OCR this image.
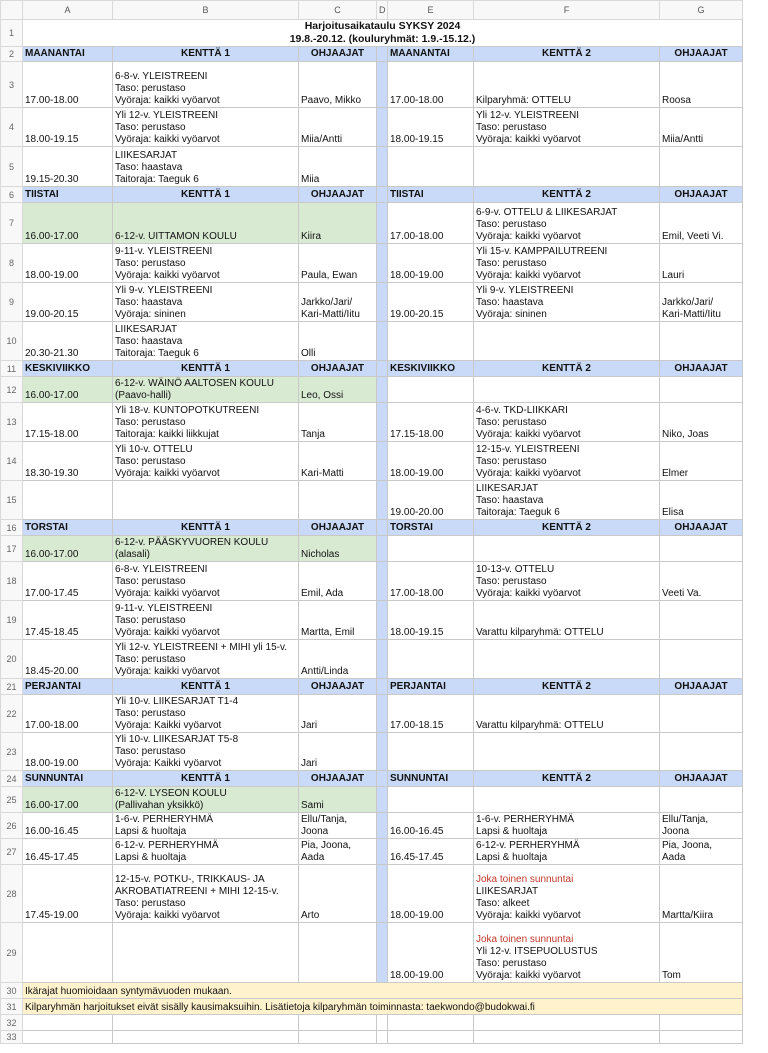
	A	B	C	D	E	F	G
1	Harjoitusaikataulu SYKSY 2024
19.8.-20.12. (kouluryhmät: 1.9.-15.12.)						

2	MAANANTAI	KENTTÄ 1	OHJAAJAT		MAANANTAI	KENTTÄ 2	OHJAAJAT
3	17.00-18.00	6-8-v. YLEISTREENI
Taso: perustaso
Vyöraja: kaikki vyöarvot	Paavo, Mikko		17.00-18.00	Kilparyhmä: OTTELU	Roosa
4	18.00-19.15	Yli 12-v. YLEISTREENI
Taso: perustaso
Vyöraja: kaikki vyöarvot	Miia/Antti		18.00-19.15	Yli 12-v. YLEISTREENI
Taso: perustaso
Vyöraja: kaikki vyöarvot	Miia/Antti
5	19.15-20.30	LIIKESARJAT
Taso: haastava
Taitoraja: Taeguk 6	Miia				
6	TIISTAI	KENTTÄ 1	OHJAAJAT		TIISTAI	KENTTÄ 2	OHJAAJAT
7	16.00-17.00	6-12-v. UITTAMON KOULU	Kiira		17.00-18.00	6-9-v. OTTELU & LIIKESARJAT
Taso: perustaso
Vyöraja: kaikki vyöarvot	Emil, Veeti Vi.
8	18.00-19.00	9-11-v. YLEISTREENI
Taso: perustaso
Vyöraja: kaikki vyöarvot	Paula, Ewan		18.00-19.00	Yli 15-v. KAMPPAILUTREENI
Taso: perustaso
Vyöraja: kaikki vyöarvot	Lauri
9	19.00-20.15	Yli 9-v. YLEISTREENI
Taso: haastava
Vyöraja: sininen	Jarkko/Jari/
Kari-Matti/Iitu		19.00-20.15	Yli 9-v. YLEISTREENI
Taso: haastava
Vyöraja: sininen	Jarkko/Jari/
Kari-Matti/Iitu

10	20.30-21.30	LIIKESARJAT
Taso: haastava
Taitoraja: Taeguk 6	Olli				
11	KESKIVIIKKO	KENTTÄ 1	OHJAAJAT		KESKIVIIKKO	KENTTÄ 2	OHJAAJAT
12	16.00-17.00	6-12-v. WÄINÖ AALTOSEN KOULU
(Paavo-halli)	Leo, Ossi				
13	17.15-18.00	Yli 18-v. KUNTOPOTKUTREENI
Taso: perustaso
Taitoraja: kaikki liikkujat	Tanja		17.15-18.00	4-6-v. TKD-LIIKKARI
Taso: perustaso
Vyöraja: kaikki vyöarvot	Niko, Joas
14	18.30-19.30	Yli 10-v. OTTELU
Taso: perustaso
Vyöraja: kaikki vyöarvot	Kari-Matti		18.00-19.00	12-15-v. YLEISTREENI
Taso: perustaso
Vyöraja: kaikki vyöarvot	Elmer
15					19.00-20.00	LIIKESARJAT
Taso: haastava
Taitoraja: Taeguk 6	Elisa
16	TORSTAI	KENTTÄ 1	OHJAAJAT		TORSTAI	KENTTÄ 2	OHJAAJAT
17	16.00-17.00	6-12-v. PÄÄSKYVUOREN KOULU
(alasali)	Nicholas				
18	17.00-17.45	6-8-v. YLEISTREENI
Taso: perustaso
Vyöraja: kaikki vyöarvot	Emil, Ada		17.00-18.00	10-13-v. OTTELU
Taso: perustaso
Vyöraja: kaikki vyöarvot	Veeti Va.
19	17.45-18.45	9-11-v. YLEISTREENI
Taso: perustaso
Vyöraja: kaikki vyöarvot	Martta, Emil		18.00-19.15	Varattu kilparyhmä: OTTELU	

20	18.45-20.00	Yli 12-v. YLEISTREENI + MIHI yli 15-v.
Taso: perustaso
Vyöraja: kaikki vyöarvot	Antti/Linda				
21	PERJANTAI	KENTTÄ 1	OHJAAJAT		PERJANTAI	KENTTÄ 2	OHJAAJAT
22	17.00-18.00	Yli 10-v. LIIKESARJAT T1-4
Taso: perustaso
Vyöraja: Kaikki vyöarvot	Jari		17.00-18.15	Varattu kilparyhmä: OTTELU	

23	18.00-19.00	Yli 10-v. LIIKESARJAT T5-8
Taso: perustaso
Vyöraja: Kaikki vyöarvot	Jari				
24	SUNNUNTAI	KENTTÄ 1	OHJAAJAT		SUNNUNTAI	KENTTÄ 2	OHJAAJAT
25	16.00-17.00	6-12-V. LYSEON KOULU
(Pallivahan yksikkö)	Sami				
26	16.00-16.45	1-6-v. PERHERYHMÄ
Lapsi & huoltaja	Ellu/Tanja,
Joona		16.00-16.45	1-6-v. PERHERYHMÄ
Lapsi & huoltaja	Ellu/Tanja,
Joona

27	16.45-17.45	6-12-v. PERHERYHMÄ
Lapsi & huoltaja	Pia, Joona,
Aada		16.45-17.45	6-12-v. PERHERYHMÄ
Lapsi & huoltaja	Pia, Joona,
Aada

28	17.45-19.00	12-15-v. POTKU-, TRIKKAUS- JA
AKROBATIATREENI + MIHI 12-15-v.
Taso: perustaso
Vyöraja: kaikki vyöarvot	Arto		18.00-19.00	Joka toinen sunnuntai
LIIKESARJAT
Taso: alkeet
Vyöraja: kaikki vyöarvot	Martta/Kiira
29					18.00-19.00	Joka toinen sunnuntai
Yli 12-v. ITSEPUOLUSTUS
Taso: perustaso
Vyöraja: kaikki vyöarvot	Tom
30	Ikärajat huomioidaan syntymävuoden mukaan.						
31	Kilparyhmän harjoitukset eivät sisälly kausimaksuihin. Lisätietoja kilparyhmän toiminnasta: taekwondo@budokwai.fi						
32							
33							
